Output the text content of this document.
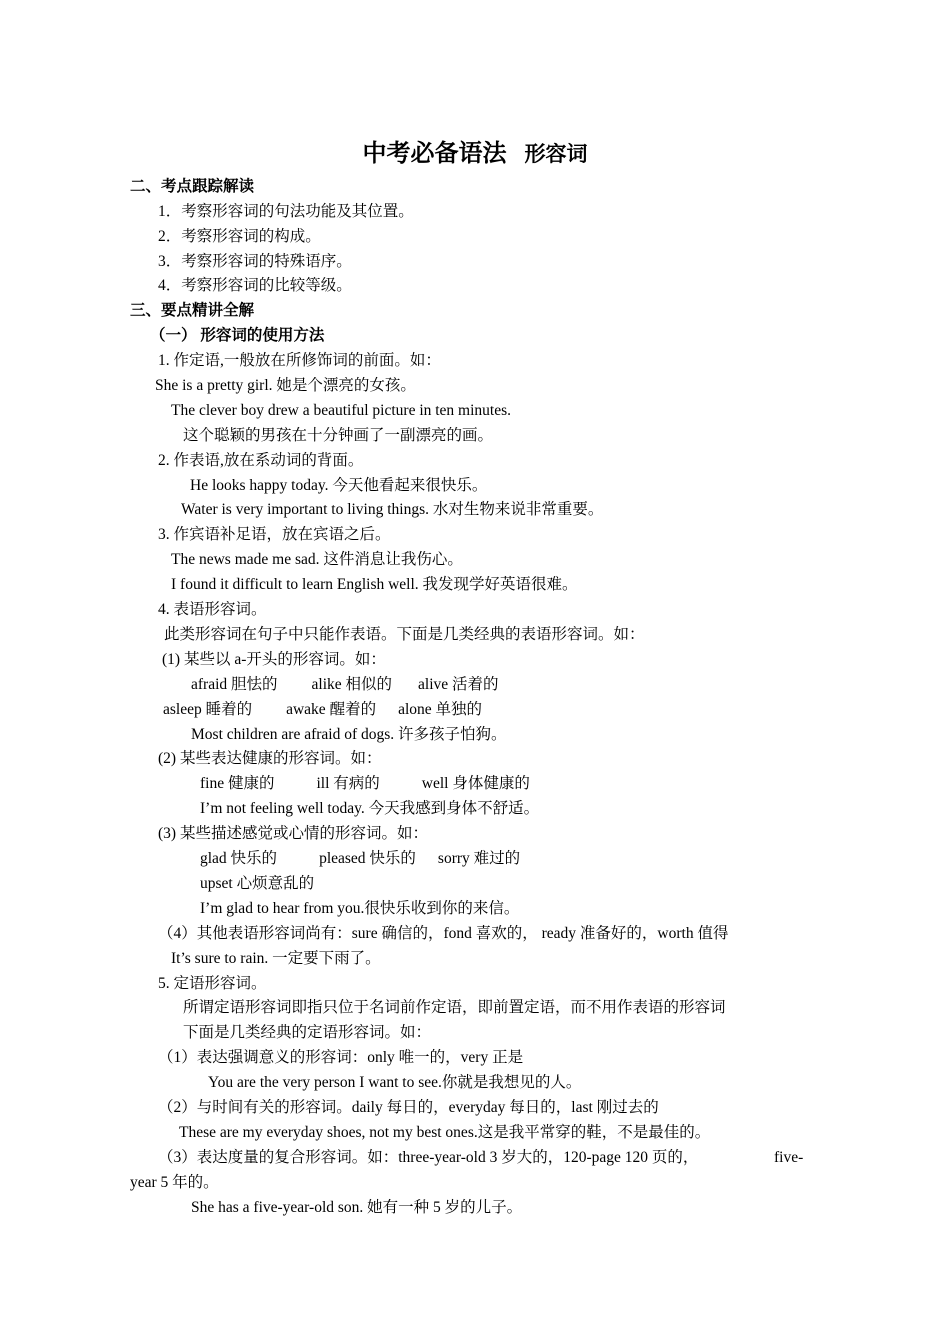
中考必备语法 形容词
二、考点跟踪解读
1．考察形容词的句法功能及其位置。
2．考察形容词的构成。
3．考察形容词的特殊语序。
4．考察形容词的比较等级。
三、要点精讲全解
（一） 形容词的使用方法
1. 作定语,一般放在所修饰词的前面。如：
She is a pretty girl. 她是个漂亮的女孩。
The clever boy drew a beautiful picture in ten minutes.
这个聪颖的男孩在十分钟画了一副漂亮的画。
2. 作表语,放在系动词的背面。
He looks happy today. 今天他看起来很快乐。
Water is very important to living things. 水对生物来说非常重要。
3. 作宾语补足语，放在宾语之后。
The news made me sad. 这件消息让我伤心。
I found it difficult to learn English well. 我发现学好英语很难。
4. 表语形容词。
此类形容词在句子中只能作表语。下面是几类经典的表语形容词。如：
(1) 某些以 a-开头的形容词。如：
afraid 胆怯的 alike 相似的 alive 活着的
asleep 睡着的 awake 醒着的 alone 单独的
Most children are afraid of dogs. 许多孩子怕狗。
(2) 某些表达健康的形容词。如：
fine 健康的	ill 有病的	well 身体健康的
I’m not feeling well today. 今天我感到身体不舒适。
(3) 某些描述感觉或心情的形容词。如：
glad 快乐的	pleased 快乐的 sorry 难过的
upset 心烦意乱的
I’m glad to hear from you.很快乐收到你的来信。
（4）其他表语形容词尚有：sure 确信的，fond 喜欢的， ready 准备好的，worth 值得
It’s sure to rain. 一定要下雨了。
5. 定语形容词。
所谓定语形容词即指只位于名词前作定语，即前置定语，而不用作表语的形容词
下面是几类经典的定语形容词。如：
（1）表达强调意义的形容词：only 唯一的，very 正是
You are the very person I want to see.你就是我想见的人。
（2）与时间有关的形容词。daily 每日的，everyday 每日的，last 刚过去的
These are my everyday shoes, not my best ones.这是我平常穿的鞋，不是最佳的。
（3）表达度量的复合形容词。如：three-year-old 3 岁大的，120-page 120 页的，	five-
year 5 年的。
She has a five-year-old son. 她有一种 5 岁的儿子。
